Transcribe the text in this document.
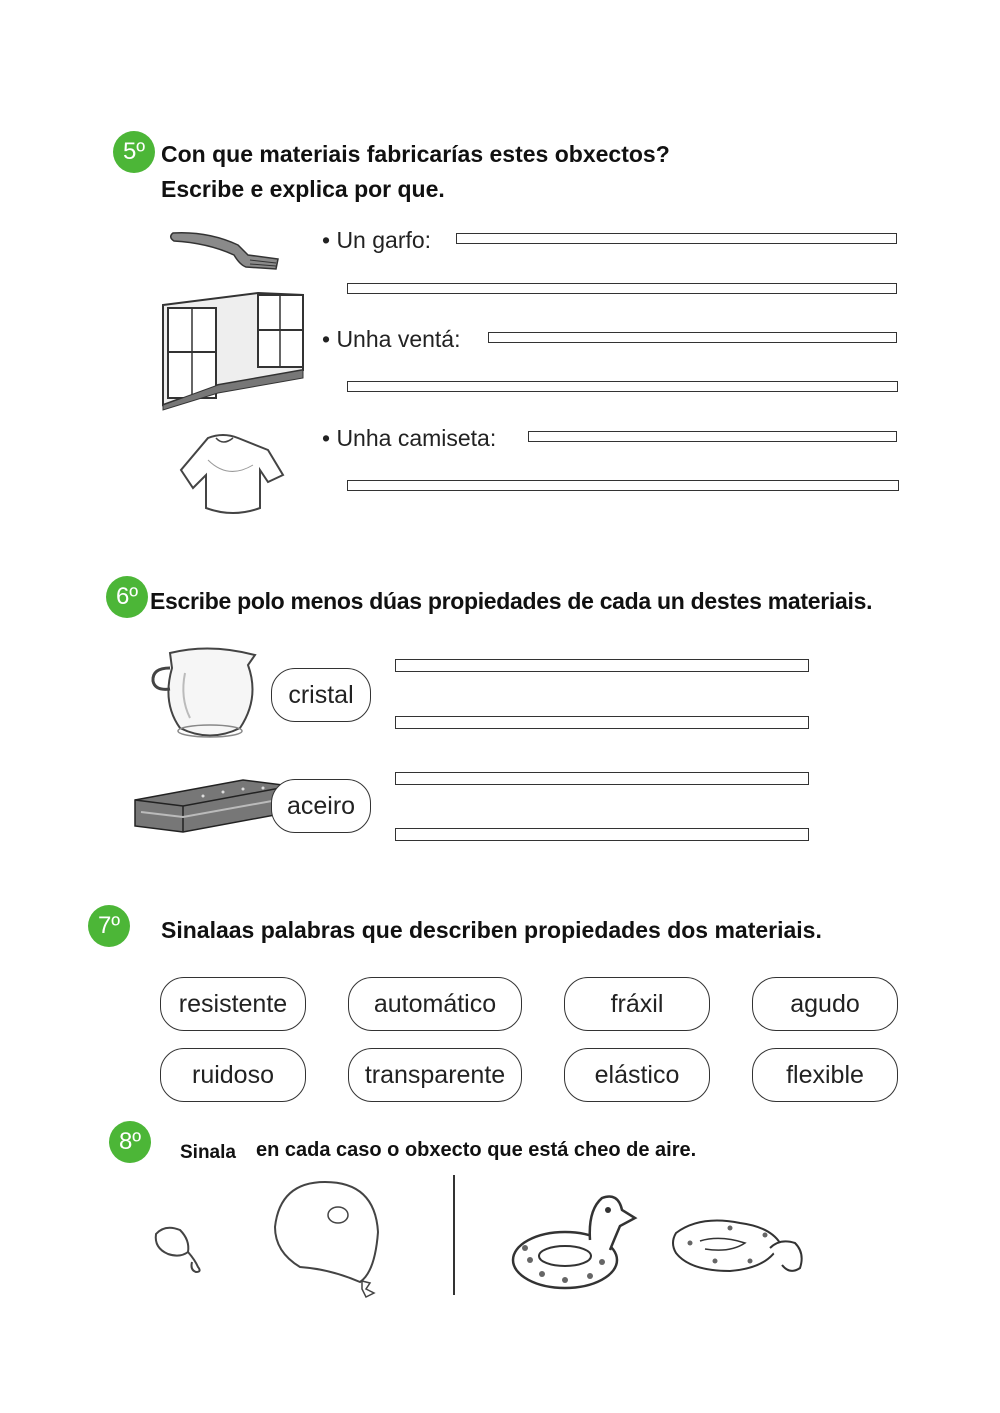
5º Con que materiais fabricarías estes obxectos?
Escribe e explica por que.
• Un garfo:
• Unha ventá:
• Unha camiseta:
6º Escribe polo menos dúas propiedades de cada un destes materiais.
cristal
aceiro
7º	Sinalaas palabras que describen propiedades dos materiais.
resistente	automático	fráxil	agudo
ruidoso	transparente	elástico	flexible
8º	Sinala en cada caso o obxecto que está cheo de aire.
